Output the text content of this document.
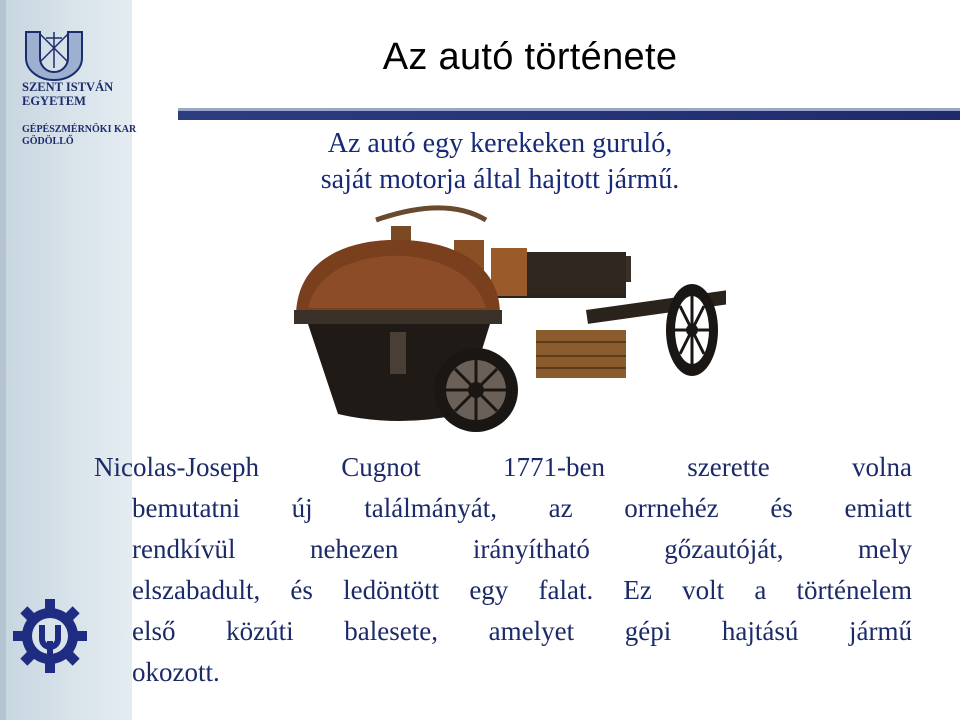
SZENT ISTVÁN
EGYETEM
GÉPÉSZMÉRNÖKI KAR
GÖDÖLLŐ
Az autó története
Az autó egy kerekeken guruló,
saját motorja által hajtott jármű.
Nicolas-Joseph	Cugnot	1771-ben	szerette	volna
bemutatni új találmányát, az orrnehéz és emiatt
rendkívül	nehezen	irányítható	gőzautóját,	mely
elszabadult, és ledöntött egy falat. Ez volt a történelem
első közúti balesete, amelyet gépi hajtású jármű
okozott.
